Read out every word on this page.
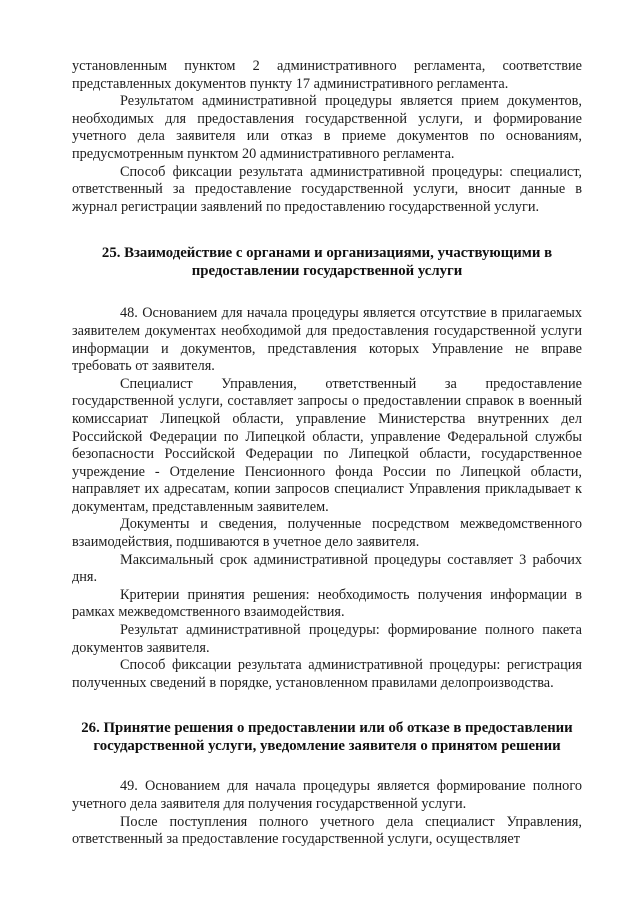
установленным пунктом 2 административного регламента, соответствие представленных документов пункту 17 административного регламента.

Результатом административной процедуры является прием документов, необходимых для предоставления государственной услуги, и формирование учетного дела заявителя или отказ в приеме документов по основаниям, предусмотренным пунктом 20 административного регламента.

Способ фиксации результата административной процедуры: специалист, ответственный за предоставление государственной услуги, вносит данные в журнал регистрации заявлений по предоставлению государственной услуги.

25. Взаимодействие с органами и организациями, участвующими в предоставлении государственной услуги

48. Основанием для начала процедуры является отсутствие в прилагаемых заявителем документах необходимой для предоставления государственной услуги информации и документов, представления которых Управление не вправе требовать от заявителя.

Специалист Управления, ответственный за предоставление государственной услуги, составляет запросы о предоставлении справок в военный комиссариат Липецкой области, управление Министерства внутренних дел Российской Федерации по Липецкой области, управление Федеральной службы безопасности Российской Федерации по Липецкой области, государственное учреждение - Отделение Пенсионного фонда России по Липецкой области, направляет их адресатам, копии запросов специалист Управления прикладывает к документам, представленным заявителем.

Документы и сведения, полученные посредством межведомственного взаимодействия, подшиваются в учетное дело заявителя.

Максимальный срок административной процедуры составляет 3 рабочих дня.

Критерии принятия решения: необходимость получения информации в рамках межведомственного взаимодействия.

Результат административной процедуры: формирование полного пакета документов заявителя.

Способ фиксации результата административной процедуры: регистрация полученных сведений в порядке, установленном правилами делопроизводства.

26. Принятие решения о предоставлении или об отказе в предоставлении государственной услуги, уведомление заявителя о принятом решении

49. Основанием для начала процедуры является формирование полного учетного дела заявителя для получения государственной услуги.

После поступления полного учетного дела специалист Управления, ответственный за предоставление государственной услуги, осуществляет
